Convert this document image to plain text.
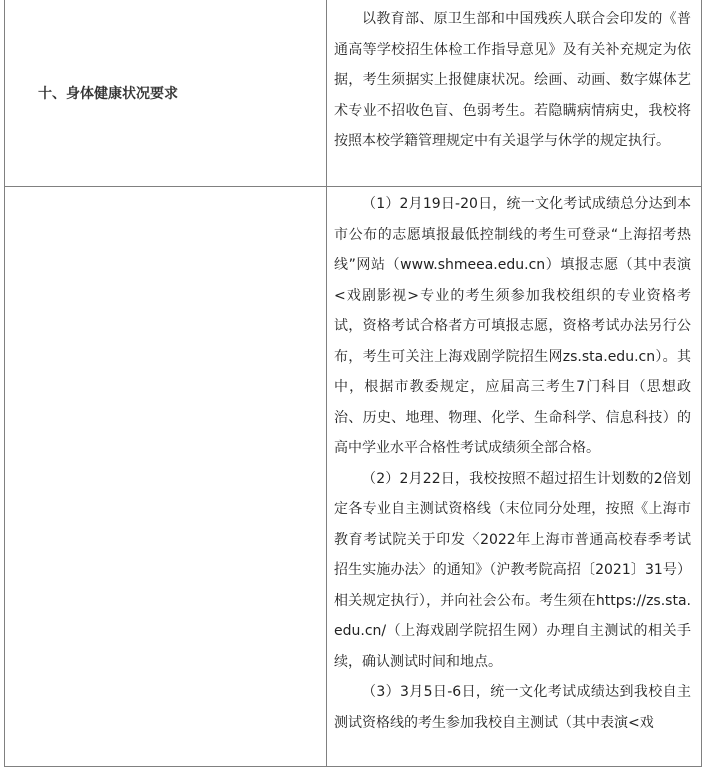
十、身体健康状况要求	以教育部、原卫生部和中国残疾人联合会印发的《普通高等学校招生体检工作指导意见》及有关补充规定为依据，考生须据实上报健康状况。绘画、动画、数字媒体艺术专业不招收色盲、色弱考生。若隐瞒病情病史，我校将按照本校学籍管理规定中有关退学与休学的规定执行。

	（1）2月19日-20日，统一文化考试成绩总分达到本市公布的志愿填报最低控制线的考生可登录“上海招考热线”网站（www.shmeea.edu.cn）填报志愿（其中表演<戏剧影视>专业的考生须参加我校组织的专业资格考试，资格考试合格者方可填报志愿，资格考试办法另行公布，考生可关注上海戏剧学院招生网zs.sta.edu.cn）。其中，根据市教委规定，应届高三考生7门科目（思想政治、历史、地理、物理、化学、生命科学、信息科技）的高中学业水平合格性考试成绩须全部合格。

（2）2月22日，我校按照不超过招生计划数的2倍划定各专业自主测试资格线（末位同分处理，按照《上海市教育考试院关于印发〈2022年上海市普通高校春季考试招生实施办法〉的通知》（沪教考院高招〔2021〕31号）相关规定执行），并向社会公布。考生须在https://zs.sta.edu.cn/（上海戏剧学院招生网）办理自主测试的相关手续，确认测试时间和地点。

（3）3月5日-6日，统一文化考试成绩达到我校自主测试资格线的考生参加我校自主测试（其中表演<戏
